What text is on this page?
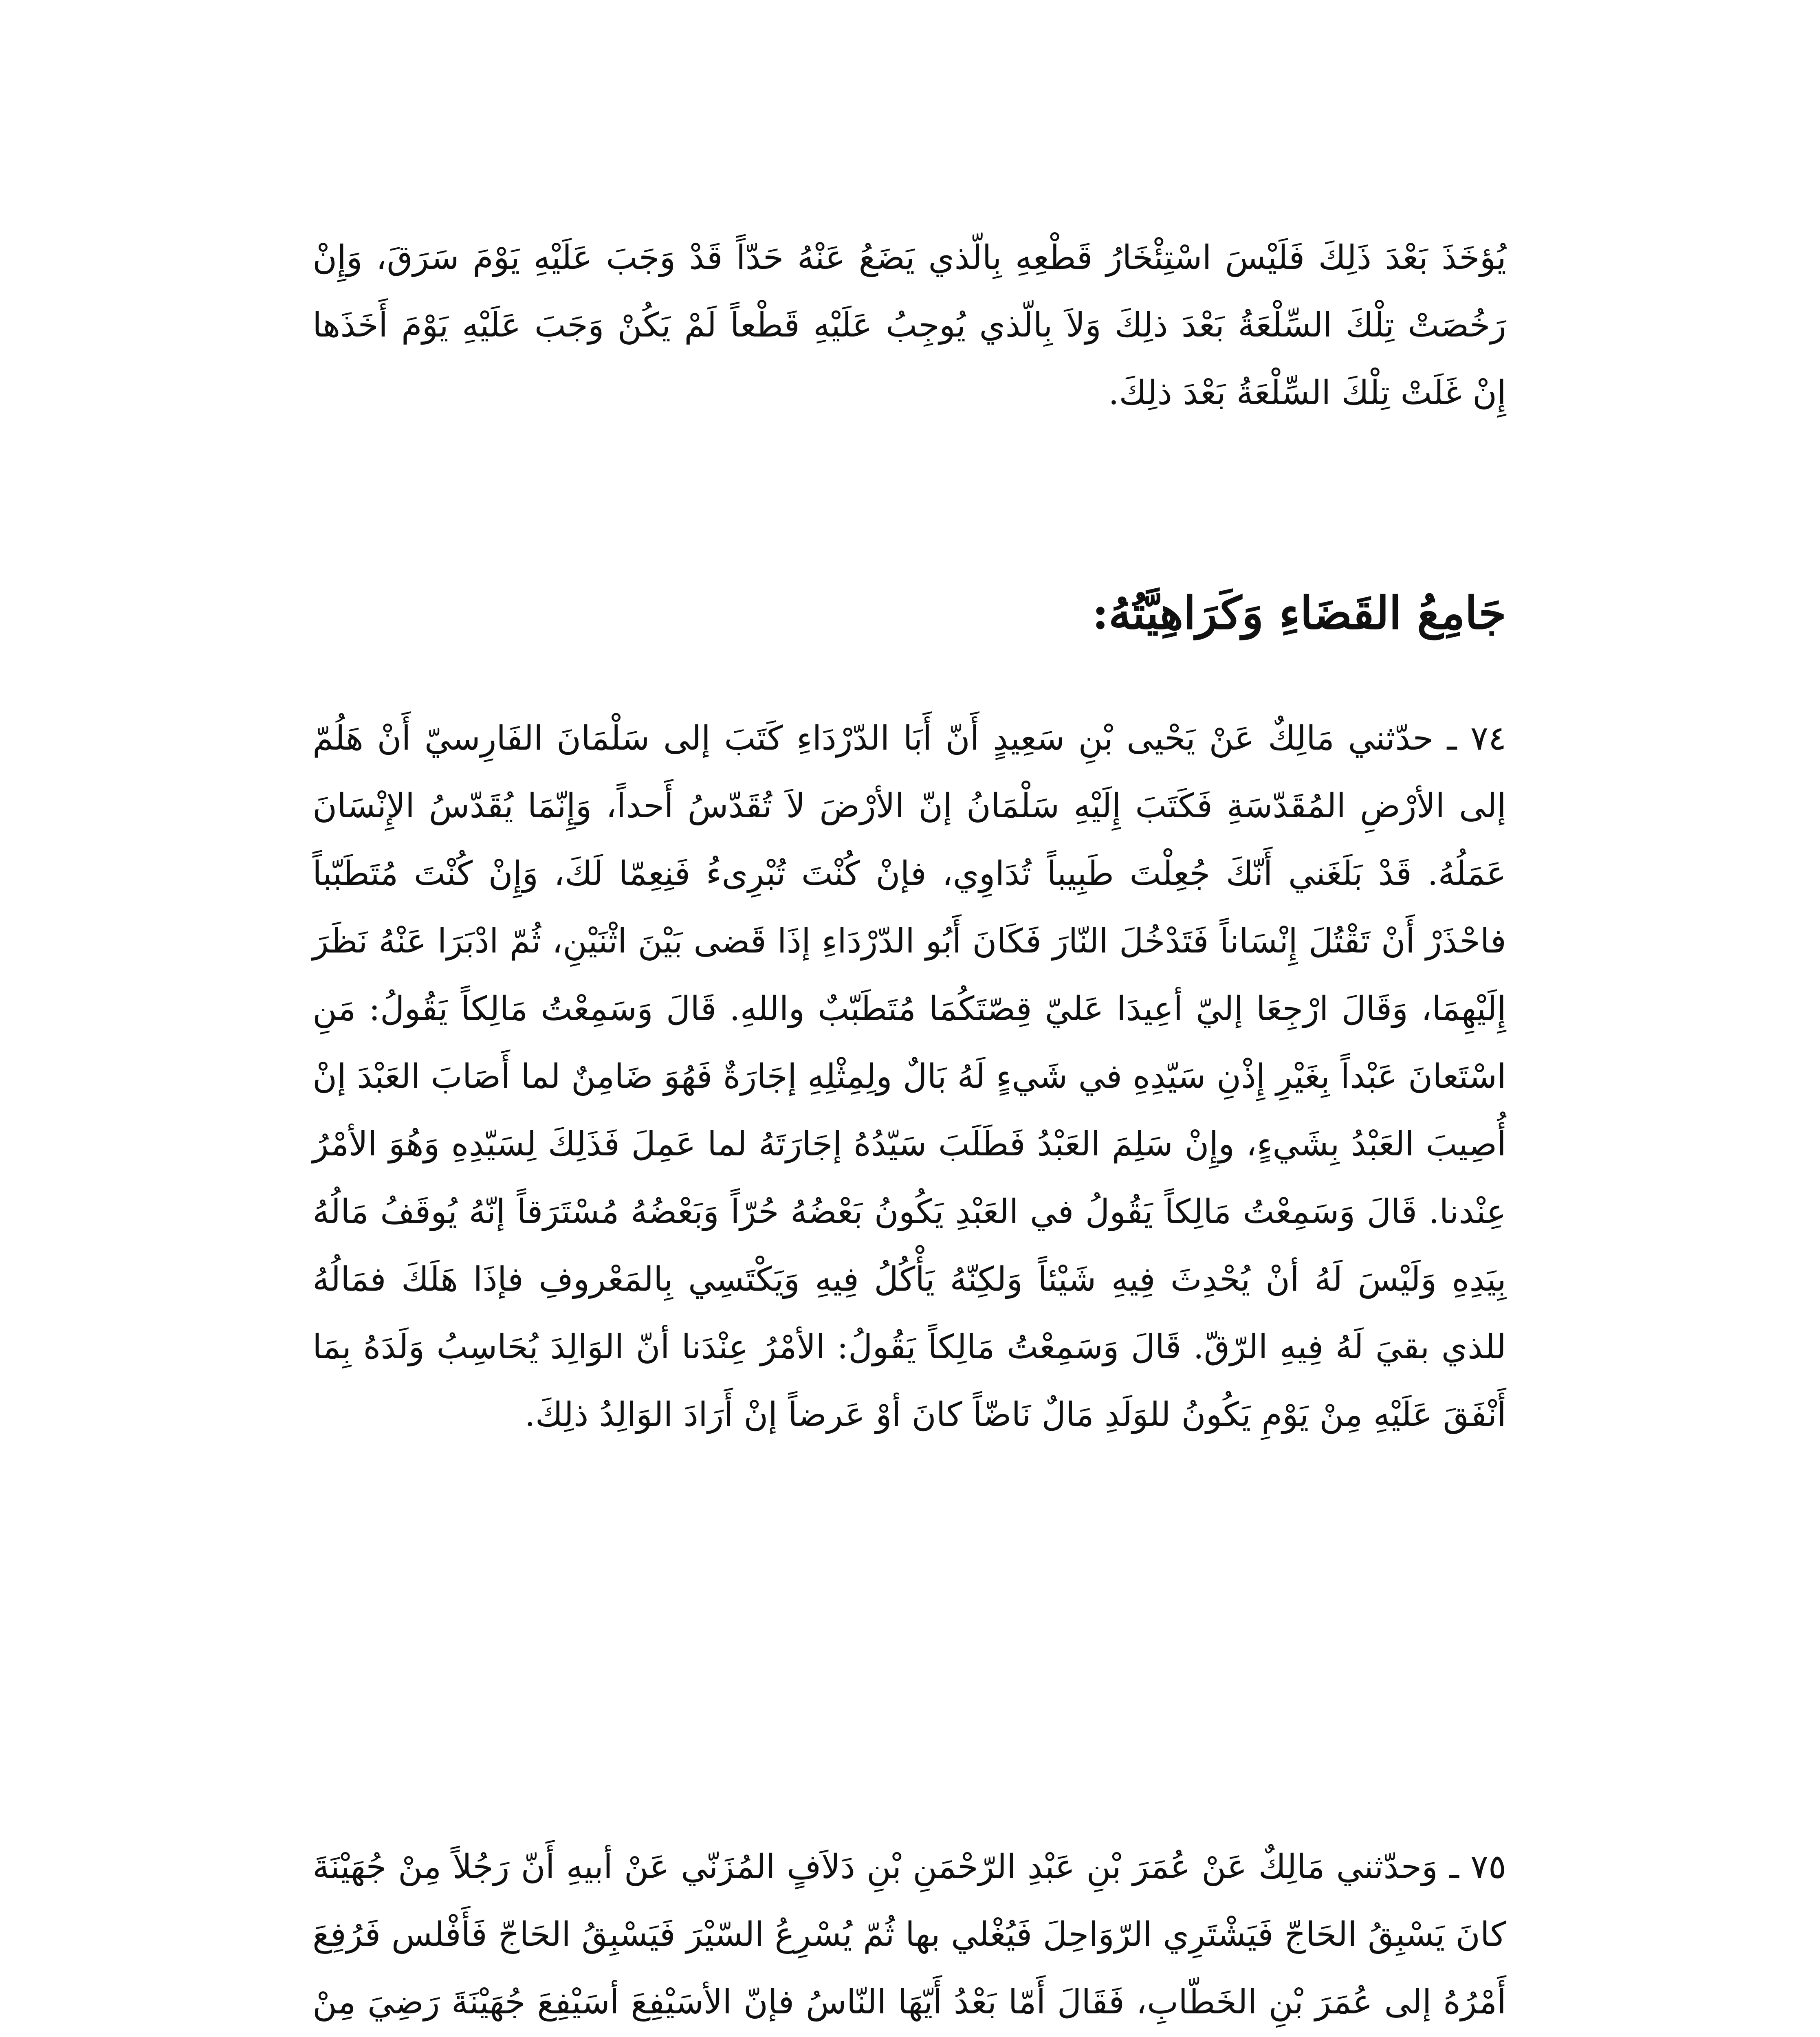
يُؤخَذَ بَعْدَ ذَلِكَ فَلَيْسَ اسْتِئْخَارُ قَطْعِهِ بِالّذي يَضَعُ عَنْهُ حَدّاً قَدْ وَجَبَ عَلَيْهِ يَوْمَ سَرَقَ، وَإِنْ رَخُصَتْ تِلْكَ السِّلْعَةُ بَعْدَ ذلِكَ وَلاَ بِالّذي يُوجِبُ عَلَيْهِ قَطْعاً لَمْ يَكُنْ وَجَبَ عَلَيْهِ يَوْمَ أَخَذَها إِنْ غَلَتْ تِلْكَ السِّلْعَةُ بَعْدَ ذلِكَ.

جَامِعُ القَضَاءِ وَكَرَاهِيَّتُهُ:

٧٤ ـ حدّثني مَالِكٌ عَنْ يَحْيى بْنِ سَعِيدٍ أَنّ أَبَا الدّرْدَاءِ كَتَبَ إلى سَلْمَانَ الفَارِسيّ أَنْ هَلُمّ إلى الأرْضِ المُقَدّسَةِ فَكَتَبَ إِلَيْهِ سَلْمَانُ إنّ الأرْضَ لاَ تُقَدّسُ أَحداً، وَإِنّمَا يُقَدّسُ الإِنْسَانَ عَمَلُهُ. قَدْ بَلَغَني أَنّكَ جُعِلْتَ طَبِيباً تُدَاوِي، فإنْ كُنْتَ تُبْرِىءُ فَنِعِمّا لَكَ، وَإِنْ كُنْتَ مُتَطَبّباً فاحْذَرْ أَنْ تَقْتُلَ إِنْسَاناً فَتَدْخُلَ النّارَ فَكَانَ أَبُو الدّرْدَاءِ إذَا قَضى بَيْنَ اثْنَيْنِ، ثُمّ ادْبَرَا عَنْهُ نَظَرَ إِلَيْهِمَا، وَقَالَ ارْجِعَا إليّ أعِيدَا عَليّ قِصّتَكُمَا مُتَطَبّبٌ واللهِ. قَالَ وَسَمِعْتُ مَالِكاً يَقُولُ: مَنِ اسْتَعانَ عَبْداً بِغَيْرِ إِذْنِ سَيّدِهِ في شَيءٍ لَهُ بَالٌ ولِمِثْلِهِ إجَارَةٌ فَهُوَ ضَامِنٌ لما أَصَابَ العَبْدَ إنْ أُصِيبَ العَبْدُ بِشَيءٍ، وإِنْ سَلِمَ العَبْدُ فَطَلَبَ سَيّدُهُ إجَارَتَهُ لما عَمِلَ فَذَلِكَ لِسَيّدِهِ وَهُوَ الأمْرُ عِنْدنا. قَالَ وَسَمِعْتُ مَالِكاً يَقُولُ في العَبْدِ يَكُونُ بَعْضُهُ حُرّاً وَبَعْضُهُ مُسْتَرَقاً إنّهُ يُوقَفُ مَالُهُ بِيَدِهِ وَلَيْسَ لَهُ أنْ يُحْدِثَ فِيهِ شَيْئاً وَلكِنّهُ يَأْكُلُ فِيهِ وَيَكْتَسِي بِالمَعْروفِ فإذَا هَلَكَ فمَالُهُ للذي بقيَ لَهُ فِيهِ الرّقّ. قَالَ وَسَمِعْتُ مَالِكاً يَقُولُ: الأمْرُ عِنْدَنا أنّ الوَالِدَ يُحَاسِبُ وَلَدَهُ بِمَا أَنْفَقَ عَلَيْهِ مِنْ يَوْمِ يَكُونُ للوَلَدِ مَالٌ نَاضّاً كانَ أوْ عَرضاً إنْ أَرَادَ الوَالِدُ ذلِكَ.

٧٥ ـ وَحدّثني مَالِكٌ عَنْ عُمَرَ بْنِ عَبْدِ الرّحْمَنِ بْنِ دَلاَفٍ المُزَنّي عَنْ أبيهِ أَنّ رَجُلاً مِنْ جُهَيْنَةَ كانَ يَسْبِقُ الحَاجّ فَيَشْتَرِي الرّوَاحِلَ فَيُغْلي بها ثُمّ يُسْرِعُ السّيْرَ فَيَسْبِقُ الحَاجّ فَأَفْلس فَرُفِعَ أَمْرُهُ إلى عُمَرَ بْنِ الخَطّابِ، فَقَالَ أَمّا بَعْدُ أَيّهَا النّاسُ فإنّ الأسَيْفِعَ أسَيْفِعَ جُهَيْنَةَ رَضِيَ مِنْ
